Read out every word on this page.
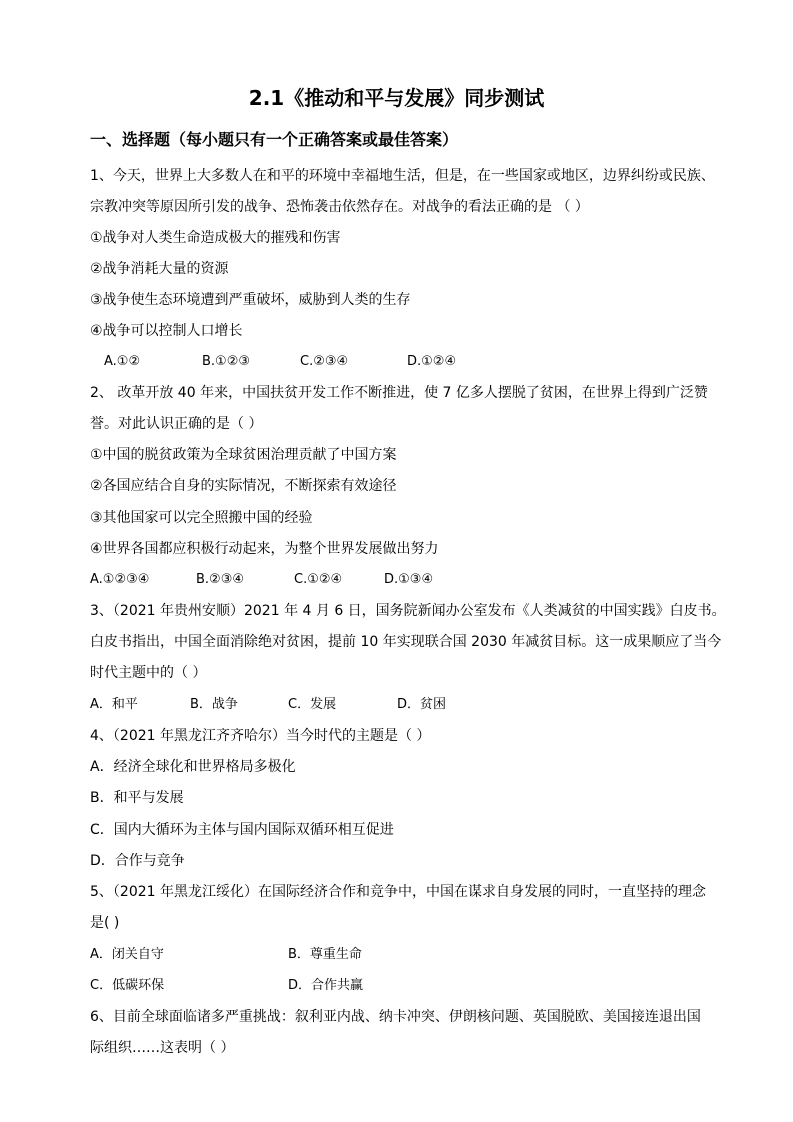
2.1《推动和平与发展》同步测试
一、选择题（每小题只有一个正确答案或最佳答案）
1、今天，世界上大多数人在和平的环境中幸福地生活，但是，在一些国家或地区，边界纠纷或民族、
宗教冲突等原因所引发的战争、恐怖袭击依然存在。对战争的看法正确的是 （ ）
①战争对人类生命造成极大的摧残和伤害
②战争消耗大量的资源
③战争使生态环境遭到严重破坏，威胁到人类的生存
④战争可以控制人口增长
A.①②	B.①②③	C.②③④	D.①②④
2、 改革开放 40 年来，中国扶贫开发工作不断推进，使 7 亿多人摆脱了贫困，在世界上得到广泛赞
誉。对此认识正确的是（ ）
①中国的脱贫政策为全球贫困治理贡献了中国方案
②各国应结合自身的实际情况，不断探索有效途径
③其他国家可以完全照搬中国的经验
④世界各国都应积极行动起来，为整个世界发展做出努力
A.①②③④	B.②③④	C.①②④	D.①③④
3、（2021 年贵州安顺）2021 年 4 月 6 日，国务院新闻办公室发布《人类减贫的中国实践》白皮书。
白皮书指出，中国全面消除绝对贫困，提前 10 年实现联合国 2030 年减贫目标。这一成果顺应了当今
时代主题中的（ ）
A．和平	B．战争	C．发展	D．贫困
4、（2021 年黑龙江齐齐哈尔）当今时代的主题是（ ）
A．经济全球化和世界格局多极化
B．和平与发展
C．国内大循环为主体与国内国际双循环相互促进
D．合作与竞争
5、（2021 年黑龙江绥化）在国际经济合作和竞争中，中国在谋求自身发展的同时，一直坚持的理念
是( )
A．闭关自守	B．尊重生命
C．低碳环保	D．合作共赢
6、目前全球面临诸多严重挑战：叙利亚内战、纳卡冲突、伊朗核问题、英国脱欧、美国接连退出国
际组织……这表明（ ）
